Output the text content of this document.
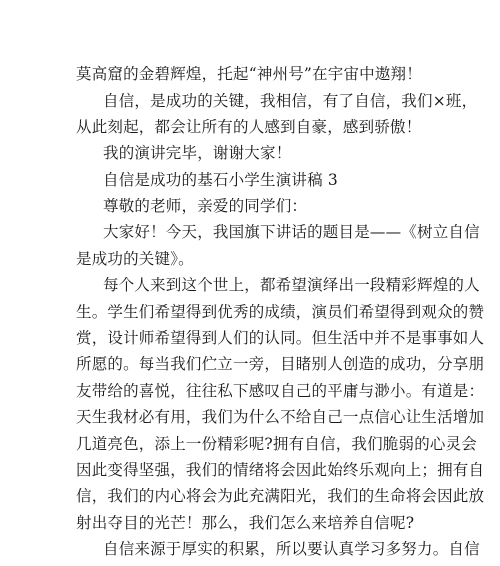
莫高窟的金碧辉煌，托起“神州号”在宇宙中遨翔！
自信，是成功的关键，我相信，有了自信，我们×班，
从此刻起，都会让所有的人感到自豪，感到骄傲！
我的演讲完毕，谢谢大家！
自信是成功的基石小学生演讲稿 3
尊敬的老师，亲爱的同学们：
大家好！今天，我国旗下讲话的题目是——《树立自信
是成功的关键》。
每个人来到这个世上，都希望演绎出一段精彩辉煌的人
生。学生们希望得到优秀的成绩，演员们希望得到观众的赞
赏，设计师希望得到人们的认同。但生活中并不是事事如人
所愿的。每当我们伫立一旁，目睹别人创造的成功，分享朋
友带给的喜悦，往往私下感叹自己的平庸与渺小。有道是：
天生我材必有用，我们为什么不给自己一点信心让生活增加
几道亮色，添上一份精彩呢?拥有自信，我们脆弱的心灵会
因此变得坚强，我们的情绪将会因此始终乐观向上；拥有自
信，我们的内心将会为此充满阳光，我们的生命将会因此放
射出夺目的光芒！那么，我们怎么来培养自信呢?
自信来源于厚实的积累，所以要认真学习多努力。自信
